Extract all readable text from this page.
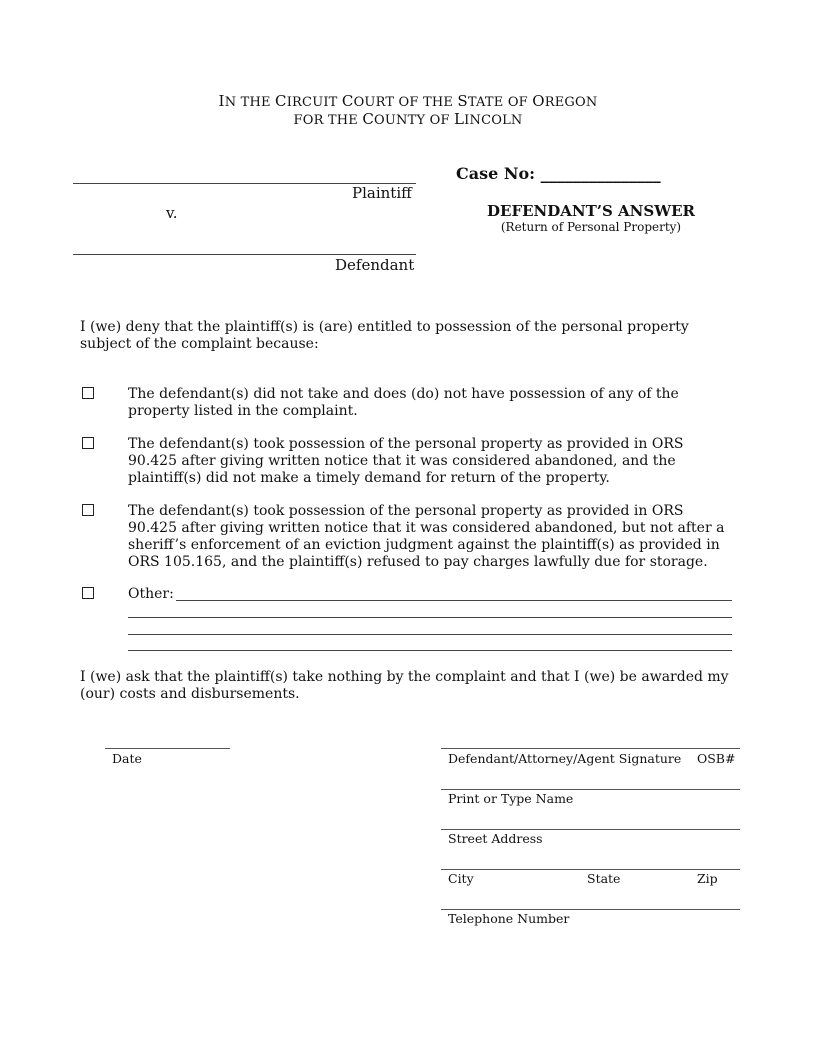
IN THE CIRCUIT COURT OF THE STATE OF OREGON
FOR THE COUNTY OF LINCOLN
Plaintiff
v.
Defendant
Case No: _______________
DEFENDANT’S ANSWER
(Return of Personal Property)
I (we) deny that the plaintiff(s) is (are) entitled to possession of the personal property subject of the complaint because:
The defendant(s) did not take and does (do) not have possession of any of the property listed in the complaint.
The defendant(s) took possession of the personal property as provided in ORS 90.425 after giving written notice that it was considered abandoned, and the plaintiff(s) did not make a timely demand for return of the property.
The defendant(s) took possession of the personal property as provided in ORS 90.425 after giving written notice that it was considered abandoned, but not after a sheriff’s enforcement of an eviction judgment against the plaintiff(s) as provided in ORS 105.165, and the plaintiff(s) refused to pay charges lawfully due for storage.
Other:
I (we) ask that the plaintiff(s) take nothing by the complaint and that I (we) be awarded my (our) costs and disbursements.
Date	Defendant/Attorney/Agent Signature OSB#
Print or Type Name
Street Address
City	State	Zip
Telephone Number
